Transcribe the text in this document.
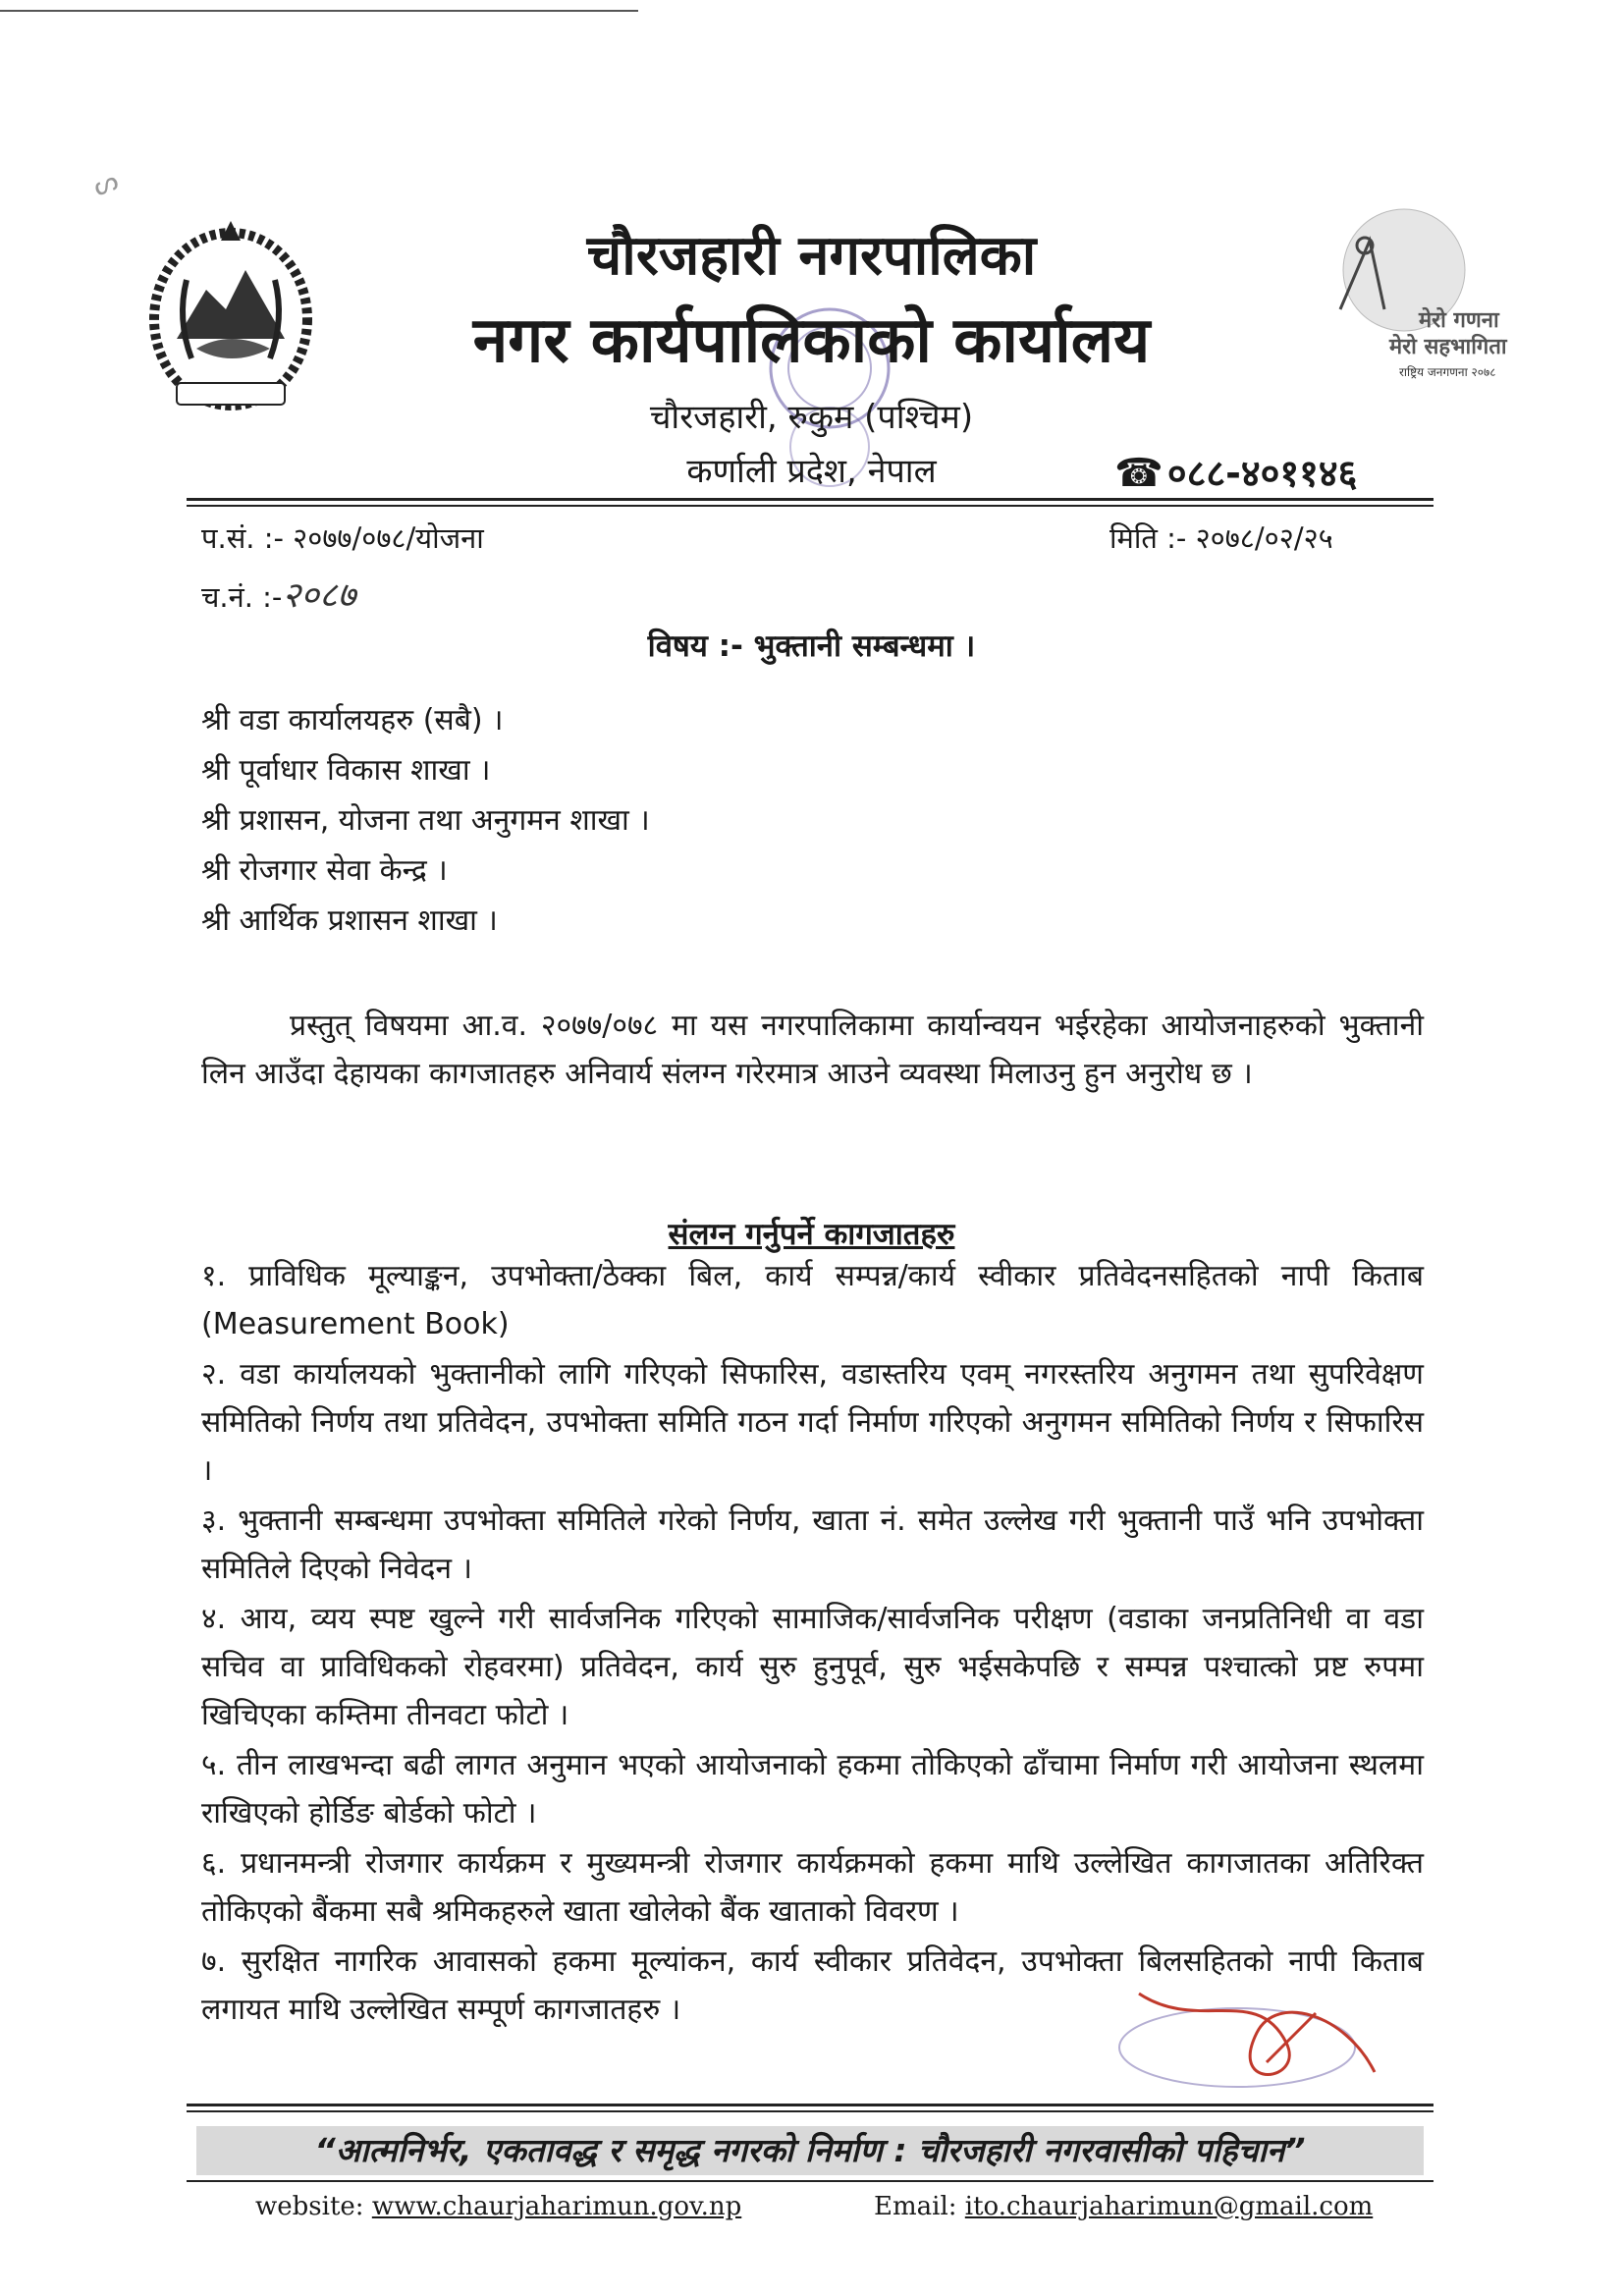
ᔕ
मेरो गणना
मेरो सहभागिता
राष्ट्रिय जनगणना २०७८
चौरजहारी नगरपालिका
नगर कार्यपालिकाको कार्यालय
चौरजहारी, रुकुम (पश्चिम)
कर्णाली प्रदेश, नेपाल	☎ ०८८-४०११४६
प.सं. :- २०७७/०७८/योजना	मिति :- २०७८/०२/२५
च.नं. :-२०८७
विषय :- भुक्तानी सम्बन्धमा ।
श्री वडा कार्यालयहरु (सबै) ।
श्री पूर्वाधार विकास शाखा ।
श्री प्रशासन, योजना तथा अनुगमन शाखा ।
श्री रोजगार सेवा केन्द्र ।
श्री आर्थिक प्रशासन शाखा ।
प्रस्तुत् विषयमा आ.व. २०७७/०७८ मा यस नगरपालिकामा कार्यान्वयन भईरहेका आयोजनाहरुको भुक्तानी लिन आउँदा देहायका कागजातहरु अनिवार्य संलग्न गरेरमात्र आउने व्यवस्था मिलाउनु हुन अनुरोध छ ।
संलग्न गर्नुपर्ने कागजातहरु

१. प्राविधिक मूल्याङ्कन, उपभोक्ता/ठेक्का बिल, कार्य सम्पन्न/कार्य स्वीकार प्रतिवेदनसहितको नापी किताब (Measurement Book)

२. वडा कार्यालयको भुक्तानीको लागि गरिएको सिफारिस, वडास्तरिय एवम् नगरस्तरिय अनुगमन तथा सुपरिवेक्षण समितिको निर्णय तथा प्रतिवेदन, उपभोक्ता समिति गठन गर्दा निर्माण गरिएको अनुगमन समितिको निर्णय र सिफारिस ।

३. भुक्तानी सम्बन्धमा उपभोक्ता समितिले गरेको निर्णय, खाता नं. समेत उल्लेख गरी भुक्तानी पाउँ भनि उपभोक्ता समितिले दिएको निवेदन ।

४. आय, व्यय स्पष्ट खुल्ने गरी सार्वजनिक गरिएको सामाजिक/सार्वजनिक परीक्षण (वडाका जनप्रतिनिधी वा वडा सचिव वा प्राविधिकको रोहवरमा) प्रतिवेदन, कार्य सुरु हुनुपूर्व, सुरु भईसकेपछि र सम्पन्न पश्चात्को प्रष्ट रुपमा खिचिएका कम्तिमा तीनवटा फोटो ।

५. तीन लाखभन्दा बढी लागत अनुमान भएको आयोजनाको हकमा तोकिएको ढाँचामा निर्माण गरी आयोजना स्थलमा राखिएको होर्डिङ बोर्डको फोटो ।

६. प्रधानमन्त्री रोजगार कार्यक्रम र मुख्यमन्त्री रोजगार कार्यक्रमको हकमा माथि उल्लेखित कागजातका अतिरिक्त तोकिएको बैंकमा सबै श्रमिकहरुले खाता खोलेको बैंक खाताको विवरण ।

७. सुरक्षित नागरिक आवासको हकमा मूल्यांकन, कार्य स्वीकार प्रतिवेदन, उपभोक्ता बिलसहितको नापी किताब लगायत माथि उल्लेखित सम्पूर्ण कागजातहरु ।

“आत्मनिर्भर, एकतावद्ध र समृद्ध नगरको निर्माण : चौरजहारी नगरवासीको पहिचान”
website: www.chaurjaharimun.gov.np	Email: ito.chaurjaharimun@gmail.com
